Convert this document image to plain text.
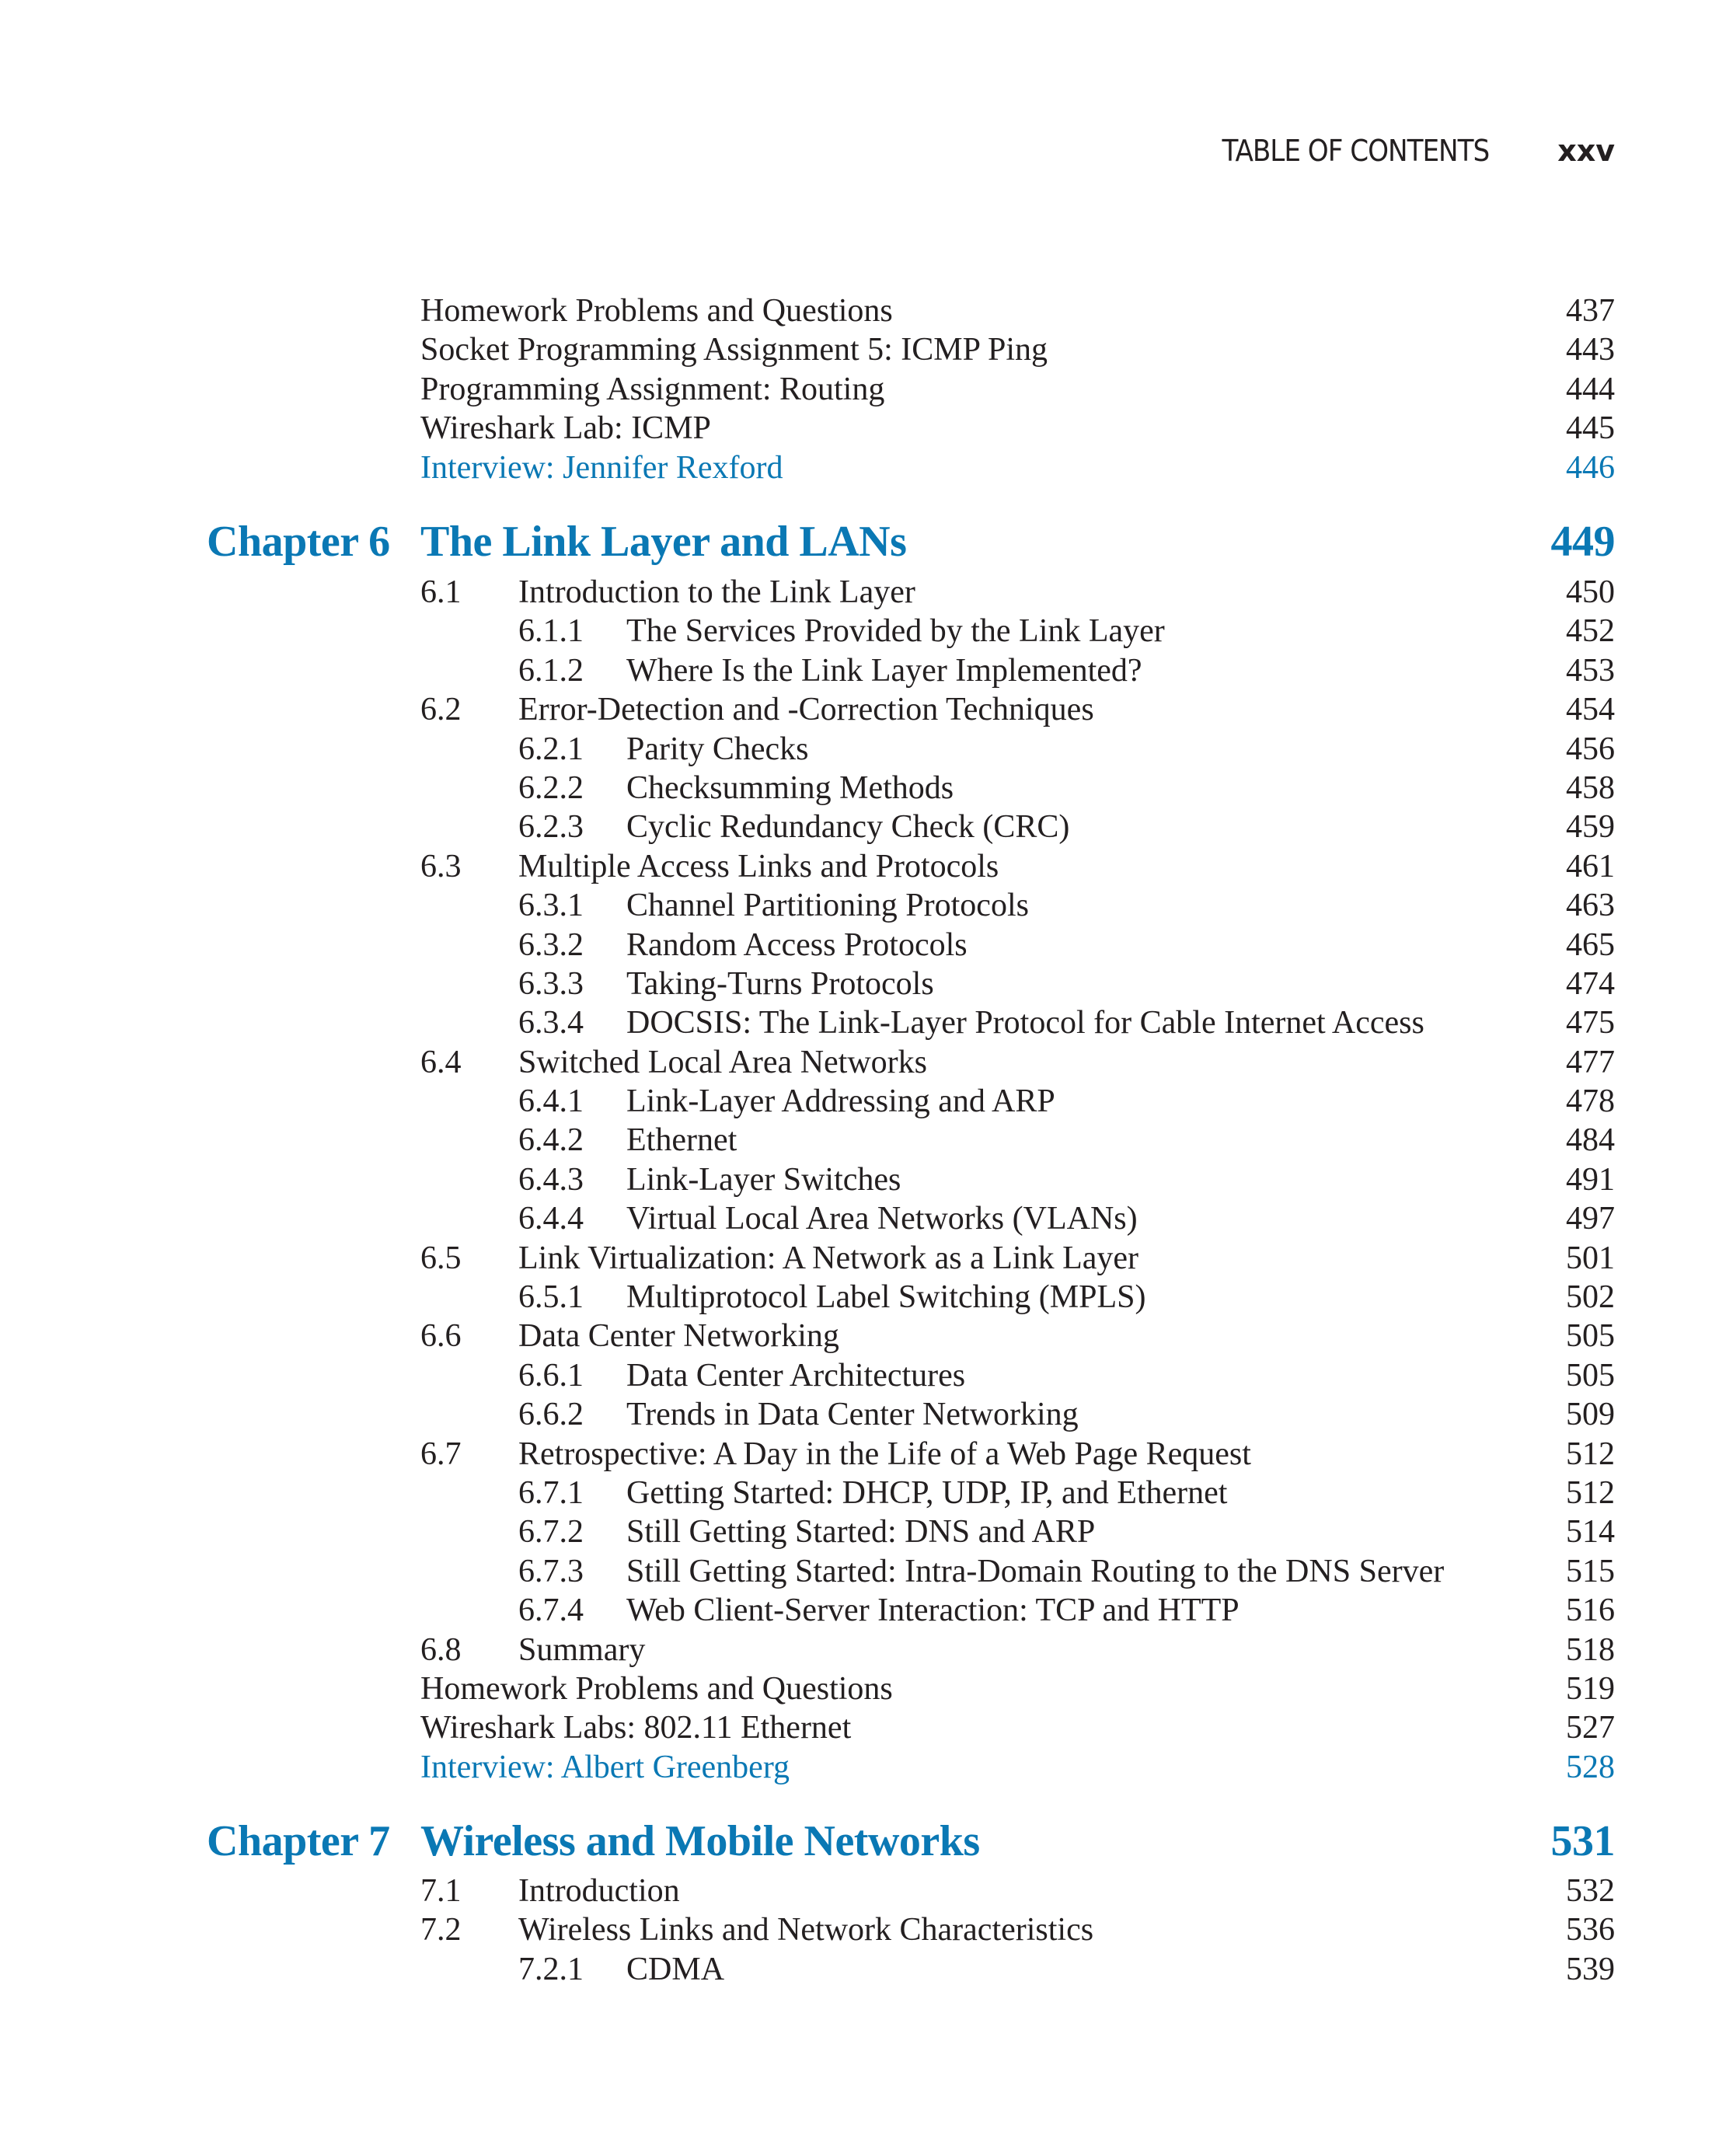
TABLE OF CONTENTS xxv
Homework Problems and Questions	437
Socket Programming Assignment 5: ICMP Ping	443
Programming Assignment: Routing	444
Wireshark Lab: ICMP	445
Interview: Jennifer Rexford	446
Chapter 6 The Link Layer and LANs	449
6.1 Introduction to the Link Layer	450
6.1.1 The Services Provided by the Link Layer	452
6.1.2 Where Is the Link Layer Implemented?	453
6.2 Error-Detection and -Correction Techniques	454
6.2.1 Parity Checks	456
6.2.2 Checksumming Methods	458
6.2.3 Cyclic Redundancy Check (CRC)	459
6.3 Multiple Access Links and Protocols	461
6.3.1 Channel Partitioning Protocols	463
6.3.2 Random Access Protocols	465
6.3.3 Taking-Turns Protocols	474
6.3.4 DOCSIS: The Link-Layer Protocol for Cable Internet Access	475
6.4 Switched Local Area Networks	477
6.4.1 Link-Layer Addressing and ARP	478
6.4.2 Ethernet	484
6.4.3 Link-Layer Switches	491
6.4.4 Virtual Local Area Networks (VLANs)	497
6.5 Link Virtualization: A Network as a Link Layer	501
6.5.1 Multiprotocol Label Switching (MPLS)	502
6.6 Data Center Networking	505
6.6.1 Data Center Architectures	505
6.6.2 Trends in Data Center Networking	509
6.7 Retrospective: A Day in the Life of a Web Page Request	512
6.7.1 Getting Started: DHCP, UDP, IP, and Ethernet	512
6.7.2 Still Getting Started: DNS and ARP	514
6.7.3 Still Getting Started: Intra-Domain Routing to the DNS Server	515
6.7.4 Web Client-Server Interaction: TCP and HTTP	516
6.8 Summary	518
Homework Problems and Questions	519
Wireshark Labs: 802.11 Ethernet	527
Interview: Albert Greenberg	528
Chapter 7 Wireless and Mobile Networks	531
7.1 Introduction	532
7.2 Wireless Links and Network Characteristics	536
7.2.1 CDMA	539
